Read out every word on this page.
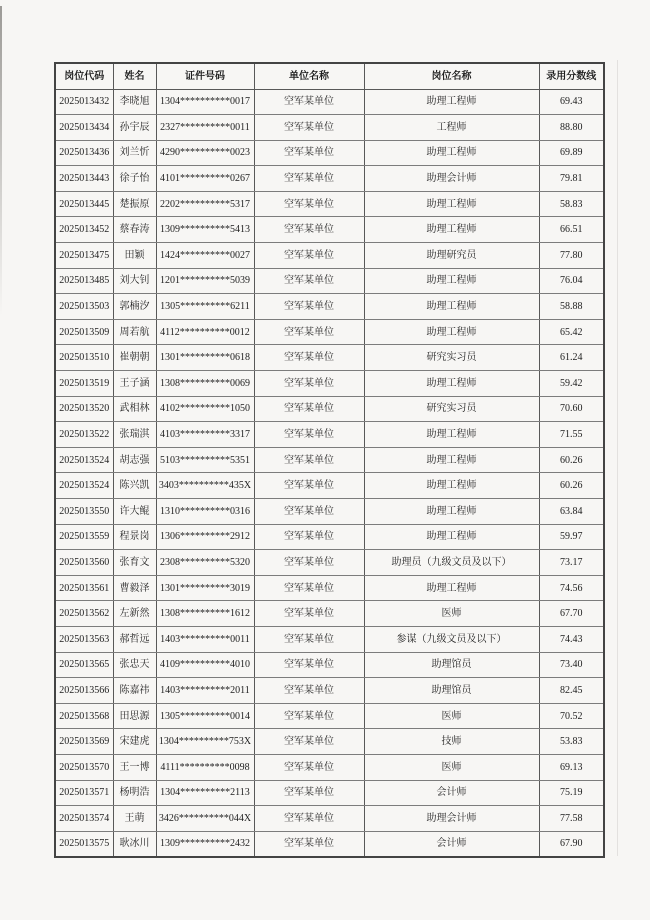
岗位代码	姓名	证件号码	单位名称	岗位名称	录用分数线
2025013432	李晓旭	1304**********0017	空军某单位	助理工程师	69.43
2025013434	孙宇辰	2327**********0011	空军某单位	工程师	88.80
2025013436	刘兰忻	4290**********0023	空军某单位	助理工程师	69.89
2025013443	徐子怡	4101**********0267	空军某单位	助理会计师	79.81
2025013445	楚振原	2202**********5317	空军某单位	助理工程师	58.83
2025013452	蔡春涛	1309**********5413	空军某单位	助理工程师	66.51
2025013475	田颖	1424**********0027	空军某单位	助理研究员	77.80
2025013485	刘大钊	1201**********5039	空军某单位	助理工程师	76.04
2025013503	郭楠汐	1305**********6211	空军某单位	助理工程师	58.88
2025013509	周若航	4112**********0012	空军某单位	助理工程师	65.42
2025013510	崔朝朝	1301**********0618	空军某单位	研究实习员	61.24
2025013519	王子涵	1308**********0069	空军某单位	助理工程师	59.42
2025013520	武相林	4102**********1050	空军某单位	研究实习员	70.60
2025013522	张瑞淇	4103**********3317	空军某单位	助理工程师	71.55
2025013524	胡志强	5103**********5351	空军某单位	助理工程师	60.26
2025013524	陈兴凯	3403**********435X	空军某单位	助理工程师	60.26
2025013550	许大鲲	1310**********0316	空军某单位	助理工程师	63.84
2025013559	程景岗	1306**********2912	空军某单位	助理工程师	59.97
2025013560	张育文	2308**********5320	空军某单位	助理员（九级文员及以下）	73.17
2025013561	曹毅泽	1301**********3019	空军某单位	助理工程师	74.56
2025013562	左新然	1308**********1612	空军某单位	医师	67.70
2025013563	郝哲远	1403**********0011	空军某单位	参谋（九级文员及以下）	74.43
2025013565	张忠天	4109**********4010	空军某单位	助理馆员	73.40
2025013566	陈嘉祎	1403**********2011	空军某单位	助理馆员	82.45
2025013568	田思源	1305**********0014	空军某单位	医师	70.52
2025013569	宋建虎	1304**********753X	空军某单位	技师	53.83
2025013570	王一博	4111**********0098	空军某单位	医师	69.13
2025013571	杨明浩	1304**********2113	空军某单位	会计师	75.19
2025013574	王萌	3426**********044X	空军某单位	助理会计师	77.58
2025013575	耿冰川	1309**********2432	空军某单位	会计师	67.90
